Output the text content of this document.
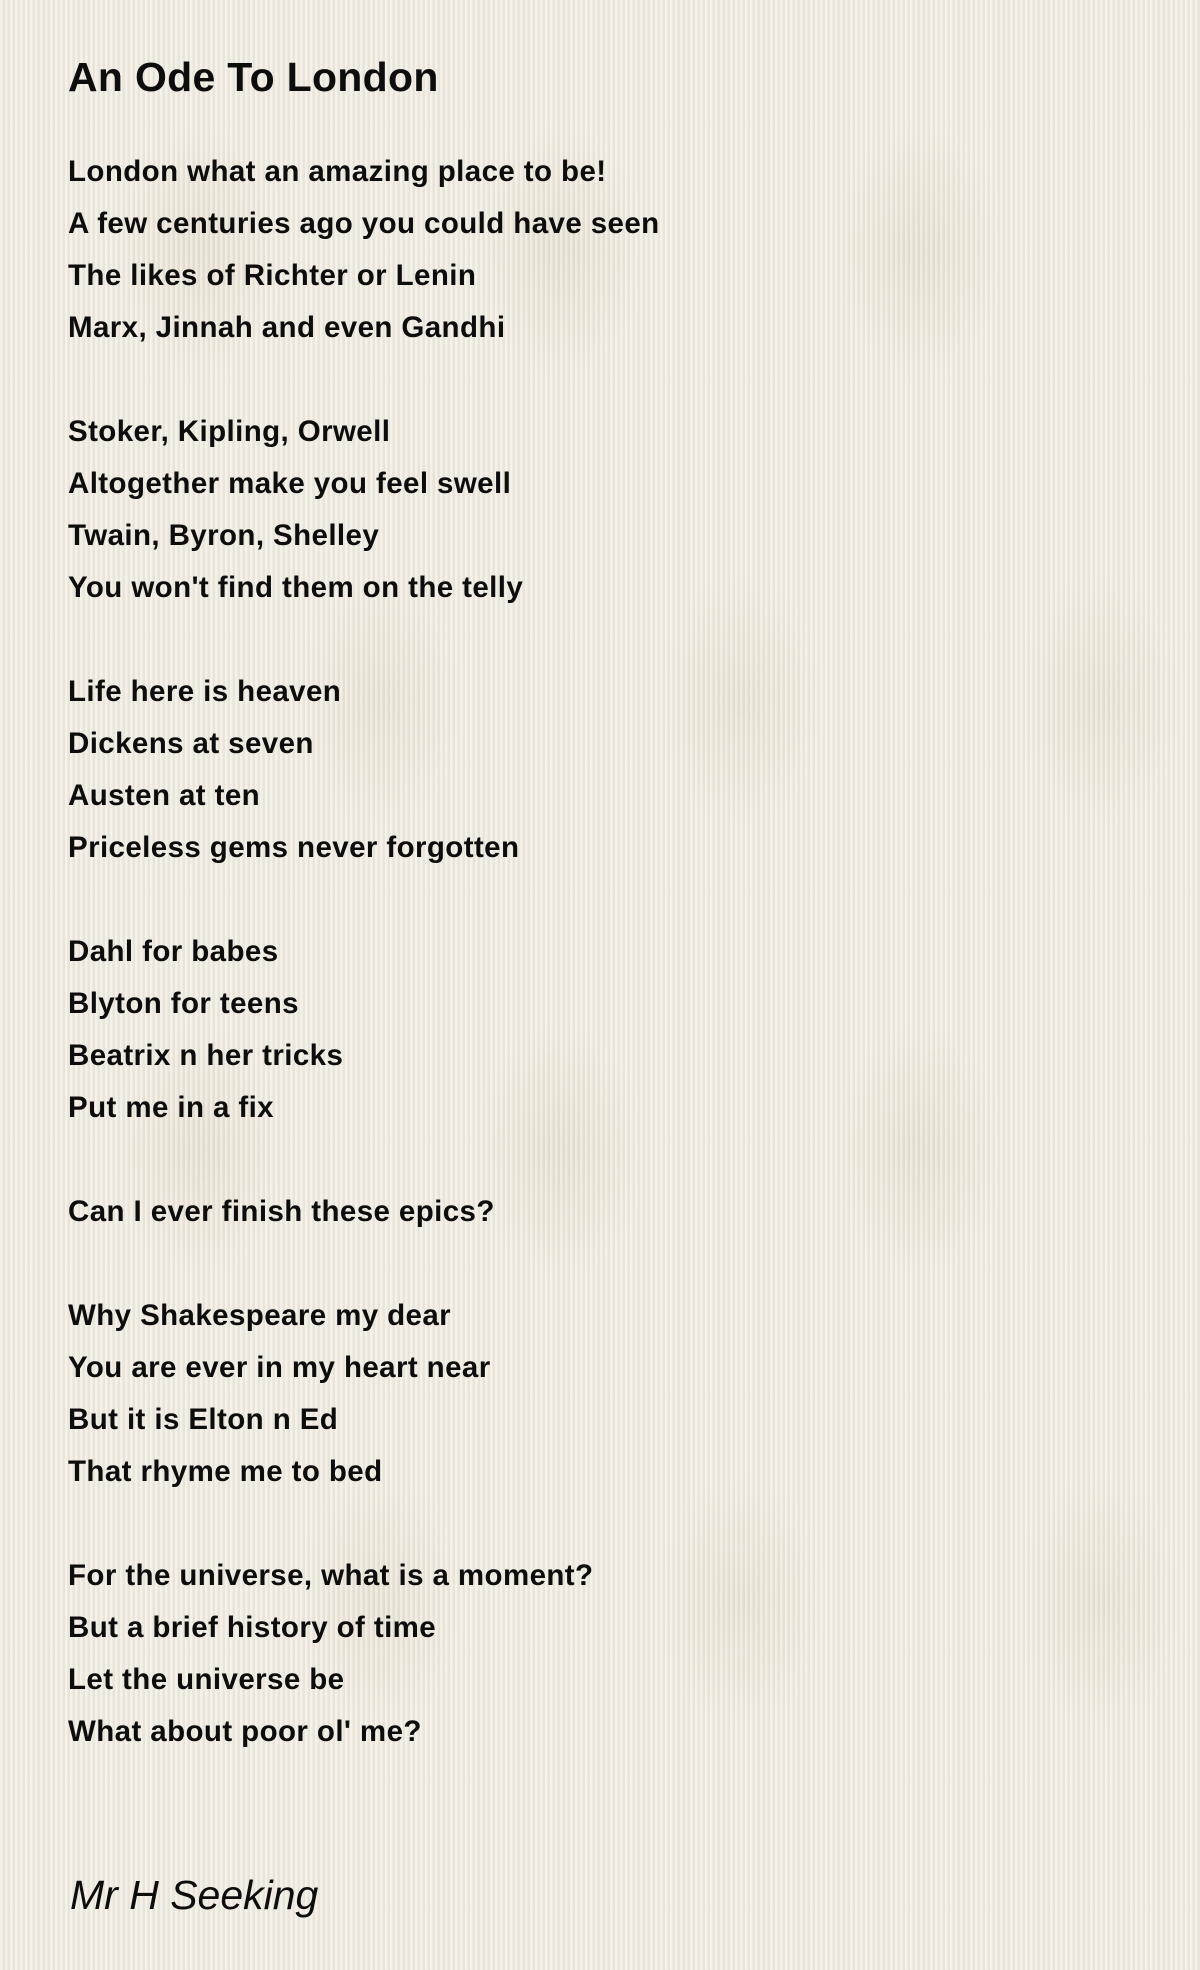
An Ode To London
London what an amazing place to be!
A few centuries ago you could have seen
The likes of Richter or Lenin
Marx, Jinnah and even Gandhi
Stoker, Kipling, Orwell
Altogether make you feel swell
Twain, Byron, Shelley
You won't find them on the telly
Life here is heaven
Dickens at seven
Austen at ten
Priceless gems never forgotten
Dahl for babes
Blyton for teens
Beatrix n her tricks
Put me in a fix
Can I ever finish these epics?
Why Shakespeare my dear
You are ever in my heart near
But it is Elton n Ed
That rhyme me to bed
For the universe, what is a moment?
But a brief history of time
Let the universe be
What about poor ol' me?

Mr H Seeking
